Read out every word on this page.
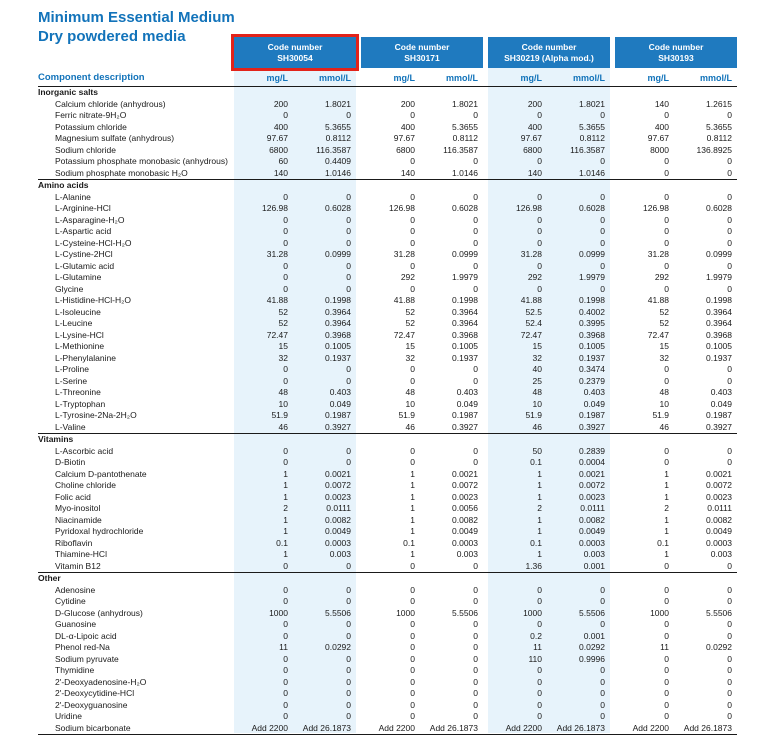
Minimum Essential Medium
Dry powdered media
Code number
SH30054
Code number
SH30171
Code number
SH30219 (Alpha mod.)
Code number
SH30193
Component description	mg/L	mmol/L	mg/L	mmol/L	mg/L	mmol/L	mg/L	mmol/L
Inorganic salts
Calcium chloride (anhydrous)	200	1.8021	200	1.8021	200	1.8021	140	1.2615
Ferric nitrate-9H₂O	0	0	0	0	0	0	0	0
Potassium chloride	400	5.3655	400	5.3655	400	5.3655	400	5.3655
Magnesium sulfate (anhydrous)	97.67	0.8112	97.67	0.8112	97.67	0.8112	97.67	0.8112
Sodium chloride	6800	116.3587	6800	116.3587	6800	116.3587	8000	136.8925
Potassium phosphate monobasic (anhydrous)	60	0.4409	0	0	0	0	0	0
Sodium phosphate monobasic H₂O	140	1.0146	140	1.0146	140	1.0146	0	0
Amino acids
L-Alanine	0	0	0	0	0	0	0	0
L-Arginine-HCl	126.98	0.6028	126.98	0.6028	126.98	0.6028	126.98	0.6028
L-Asparagine-H₂O	0	0	0	0	0	0	0	0
L-Aspartic acid	0	0	0	0	0	0	0	0
L-Cysteine-HCl-H₂O	0	0	0	0	0	0	0	0
L-Cystine-2HCl	31.28	0.0999	31.28	0.0999	31.28	0.0999	31.28	0.0999
L-Glutamic acid	0	0	0	0	0	0	0	0
L-Glutamine	0	0	292	1.9979	292	1.9979	292	1.9979
Glycine	0	0	0	0	0	0	0	0
L-Histidine-HCl-H₂O	41.88	0.1998	41.88	0.1998	41.88	0.1998	41.88	0.1998
L-Isoleucine	52	0.3964	52	0.3964	52.5	0.4002	52	0.3964
L-Leucine	52	0.3964	52	0.3964	52.4	0.3995	52	0.3964
L-Lysine-HCl	72.47	0.3968	72.47	0.3968	72.47	0.3968	72.47	0.3968
L-Methionine	15	0.1005	15	0.1005	15	0.1005	15	0.1005
L-Phenylalanine	32	0.1937	32	0.1937	32	0.1937	32	0.1937
L-Proline	0	0	0	0	40	0.3474	0	0
L-Serine	0	0	0	0	25	0.2379	0	0
L-Threonine	48	0.403	48	0.403	48	0.403	48	0.403
L-Tryptophan	10	0.049	10	0.049	10	0.049	10	0.049
L-Tyrosine-2Na-2H₂O	51.9	0.1987	51.9	0.1987	51.9	0.1987	51.9	0.1987
L-Valine	46	0.3927	46	0.3927	46	0.3927	46	0.3927
Vitamins
L-Ascorbic acid	0	0	0	0	50	0.2839	0	0
D-Biotin	0	0	0	0	0.1	0.0004	0	0
Calcium D-pantothenate	1	0.0021	1	0.0021	1	0.0021	1	0.0021
Choline chloride	1	0.0072	1	0.0072	1	0.0072	1	0.0072
Folic acid	1	0.0023	1	0.0023	1	0.0023	1	0.0023
Myo-inositol	2	0.0111	1	0.0056	2	0.0111	2	0.0111
Niacinamide	1	0.0082	1	0.0082	1	0.0082	1	0.0082
Pyridoxal hydrochloride	1	0.0049	1	0.0049	1	0.0049	1	0.0049
Riboflavin	0.1	0.0003	0.1	0.0003	0.1	0.0003	0.1	0.0003
Thiamine-HCl	1	0.003	1	0.003	1	0.003	1	0.003
Vitamin B12	0	0	0	0	1.36	0.001	0	0
Other
Adenosine	0	0	0	0	0	0	0	0
Cytidine	0	0	0	0	0	0	0	0
D-Glucose (anhydrous)	1000	5.5506	1000	5.5506	1000	5.5506	1000	5.5506
Guanosine	0	0	0	0	0	0	0	0
DL-α-Lipoic acid	0	0	0	0	0.2	0.001	0	0
Phenol red-Na	11	0.0292	0	0	11	0.0292	11	0.0292
Sodium pyruvate	0	0	0	0	110	0.9996	0	0
Thymidine	0	0	0	0	0	0	0	0
2'-Deoxyadenosine-H₂O	0	0	0	0	0	0	0	0
2'-Deoxycytidine-HCl	0	0	0	0	0	0	0	0
2'-Deoxyguanosine	0	0	0	0	0	0	0	0
Uridine	0	0	0	0	0	0	0	0
Sodium bicarbonate	Add 2200	Add 26.1873	Add 2200	Add 26.1873	Add 2200	Add 26.1873	Add 2200	Add 26.1873
